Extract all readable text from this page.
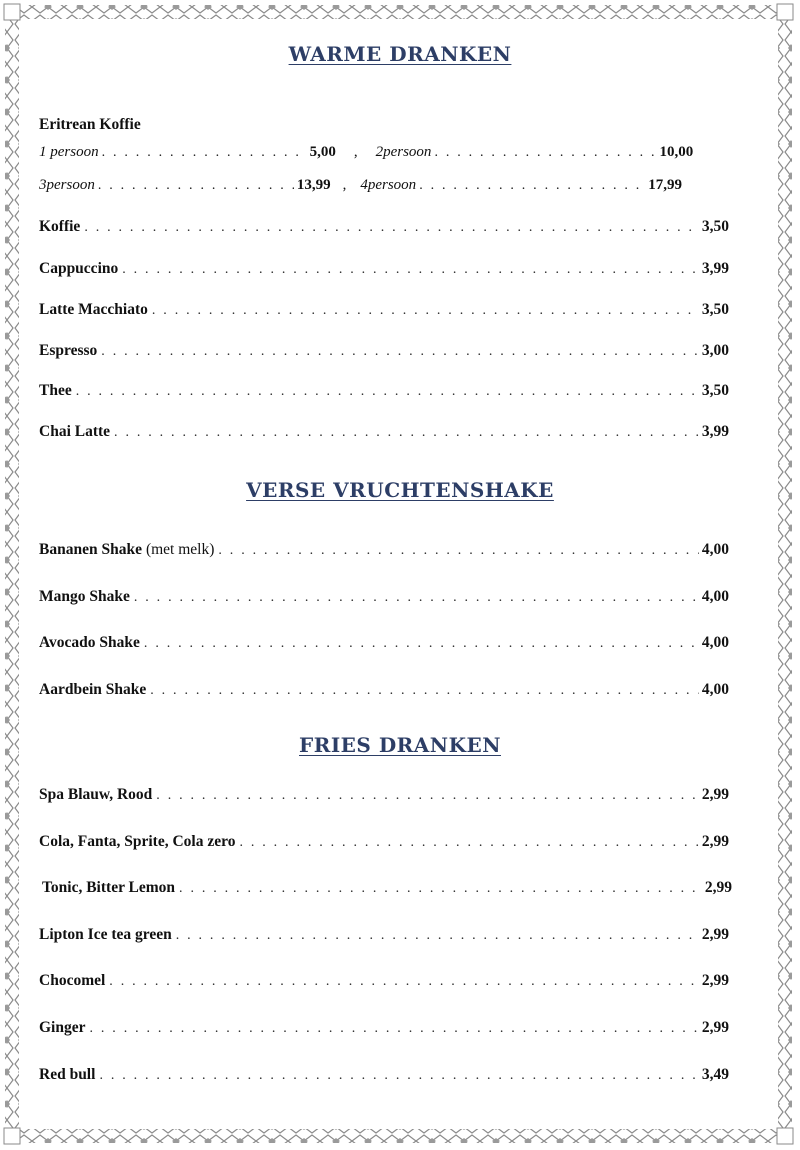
WARME DRANKEN
Eritrean Koffie
1 persoon . . .	5,00 , 2persoon . . .	10,00
3persoon . . .	13,99 , 4persoon . . .	17,99
Koffie . . .	3,50
Cappuccino . . .	3,99
Latte Macchiato . . .	3,50
Espresso . . .	3,00
Thee . . .	3,50
Chai Latte . . .	3,99
VERSE VRUCHTENSHAKE
Bananen Shake (met melk) . . .	4,00
Mango Shake . . .	4,00
Avocado Shake . . .	4,00
Aardbein Shake . . .	4,00
FRIES DRANKEN
Spa Blauw, Rood . . .	2,99
Cola, Fanta, Sprite, Cola zero . . .	2,99
Tonic, Bitter Lemon . . .	2,99
Lipton Ice tea green . . .	2,99
Chocomel . . .	2,99
Ginger . . .	2,99
Red bull . . .	3,49
